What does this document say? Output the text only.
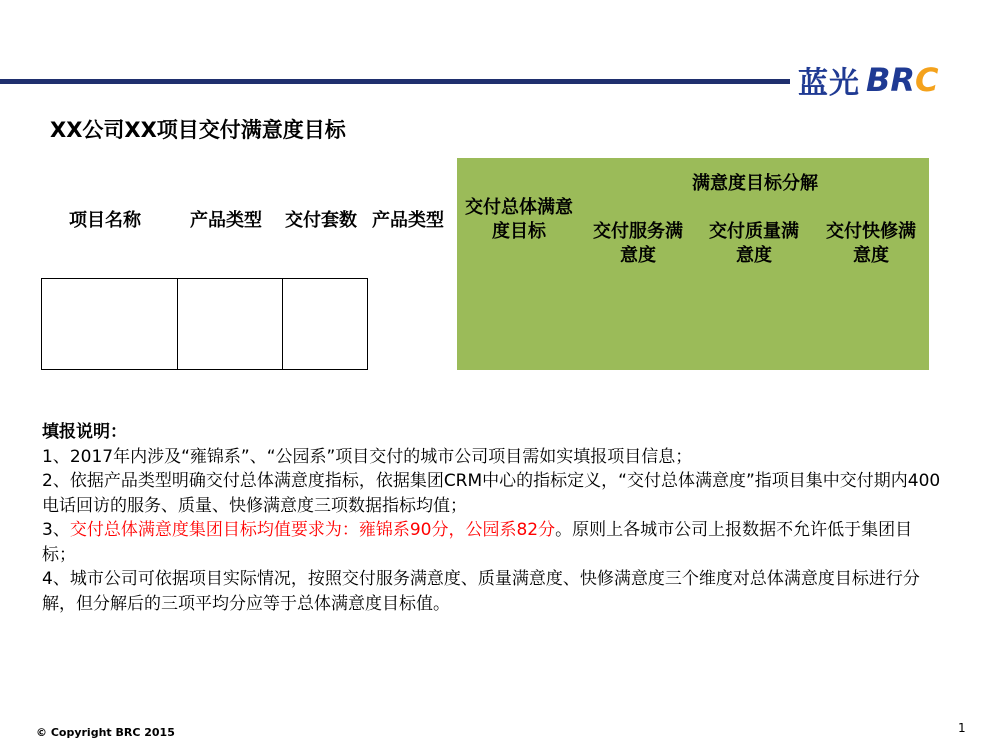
蓝光 BRC
XX公司XX项目交付满意度目标
项目名称	产品类型 交付套数 产品类型
交付总体满意度目标
满意度目标分解
交付服务满意度
交付质量满意度
交付快修满意度
填报说明：
1、2017年内涉及“雍锦系”、“公园系”项目交付的城市公司项目需如实填报项目信息；
2、依据产品类型明确交付总体满意度指标，依据集团CRM中心的指标定义，“交付总体满意度”指项目集中交付期内400电话回访的服务、质量、快修满意度三项数据指标均值；
3、交付总体满意度集团目标均值要求为：雍锦系90分，公园系82分。原则上各城市公司上报数据不允许低于集团目标；
4、城市公司可依据项目实际情况，按照交付服务满意度、质量满意度、快修满意度三个维度对总体满意度目标进行分解，但分解后的三项平均分应等于总体满意度目标值。
© Copyright BRC 2015	1
